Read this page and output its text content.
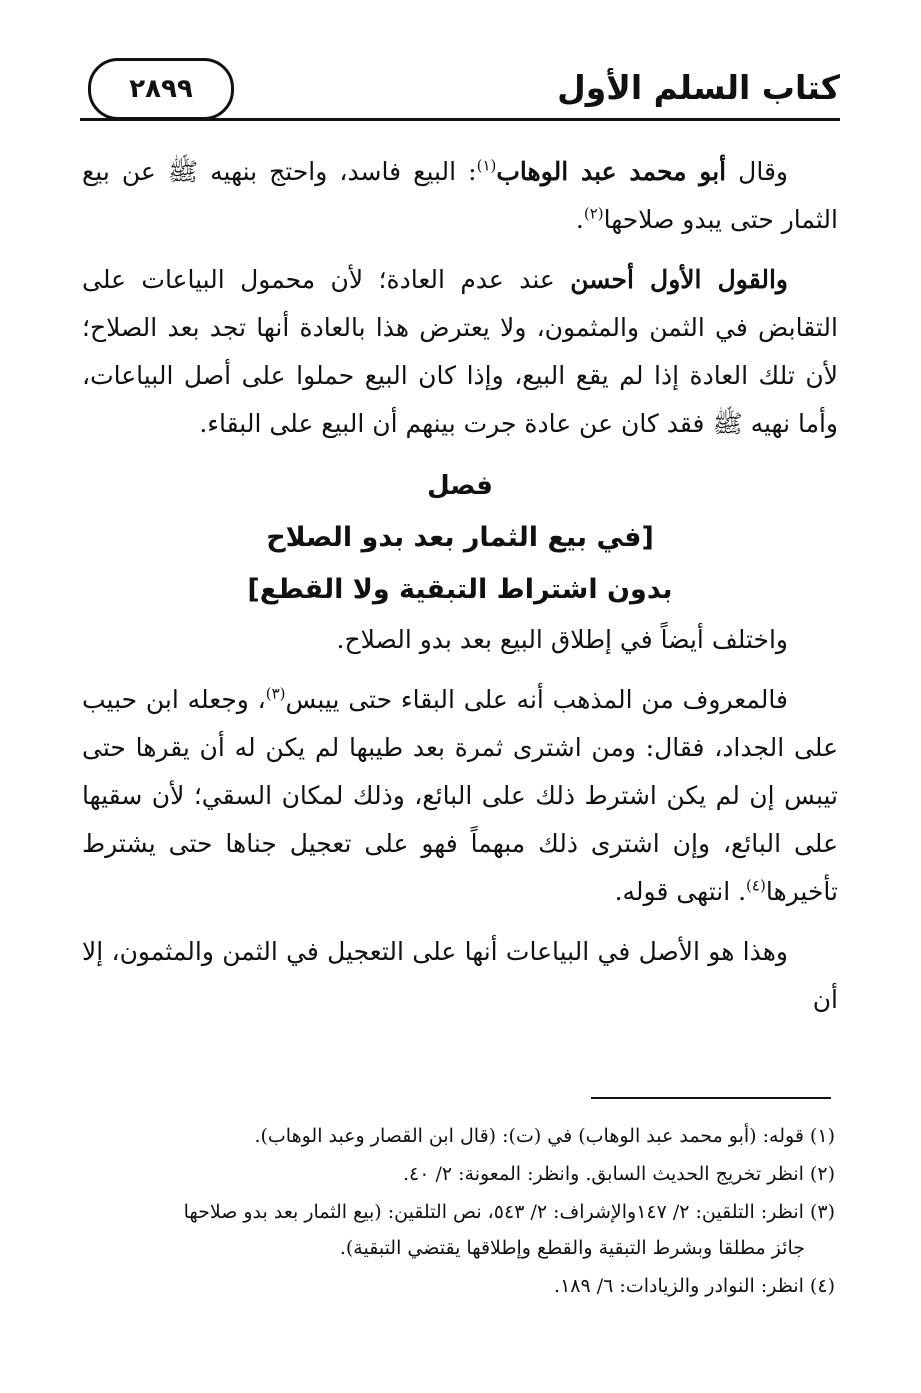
كتاب السلم الأول
٢٨٩٩

وقال أبو محمد عبد الوهاب$^{(١)}$: البيع فاسد، واحتج بنهيه ﷺ عن بيع الثمار حتى يبدو صلاحها$^{(٢)}$.

والقول الأول أحسن عند عدم العادة؛ لأن محمول البياعات على التقابض في الثمن والمثمون، ولا يعترض هذا بالعادة أنها تجد بعد الصلاح؛ لأن تلك العادة إذا لم يقع البيع، وإذا كان البيع حملوا على أصل البياعات، وأما نهيه ﷺ فقد كان عن عادة جرت بينهم أن البيع على البقاء.

فصل

[في بيع الثمار بعد بدو الصلاح

بدون اشتراط التبقية ولا القطع]

واختلف أيضاً في إطلاق البيع بعد بدو الصلاح.

فالمعروف من المذهب أنه على البقاء حتى ييبس$^{(٣)}$، وجعله ابن حبيب على الجداد، فقال: ومن اشترى ثمرة بعد طيبها لم يكن له أن يقرها حتى تيبس إن لم يكن اشترط ذلك على البائع، وذلك لمكان السقي؛ لأن سقيها على البائع، وإن اشترى ذلك مبهماً فهو على تعجيل جناها حتى يشترط تأخيرها$^{(٤)}$. انتهى قوله.

وهذا هو الأصل في البياعات أنها على التعجيل في الثمن والمثمون، إلا أن

(١) قوله: (أبو محمد عبد الوهاب) في (ت): (قال ابن القصار وعبد الوهاب).

(٢) انظر تخريج الحديث السابق. وانظر: المعونة: ٢/ ٤٠.

(٣) انظر: التلقين: ٢/ ١٤٧والإشراف: ٢/ ٥٤٣، نص التلقين: (بيع الثمار بعد بدو صلاحها
جائز مطلقا وبشرط التبقية والقطع وإطلاقها يقتضي التبقية).

(٤) انظر: النوادر والزيادات: ٦/ ١٨٩.
